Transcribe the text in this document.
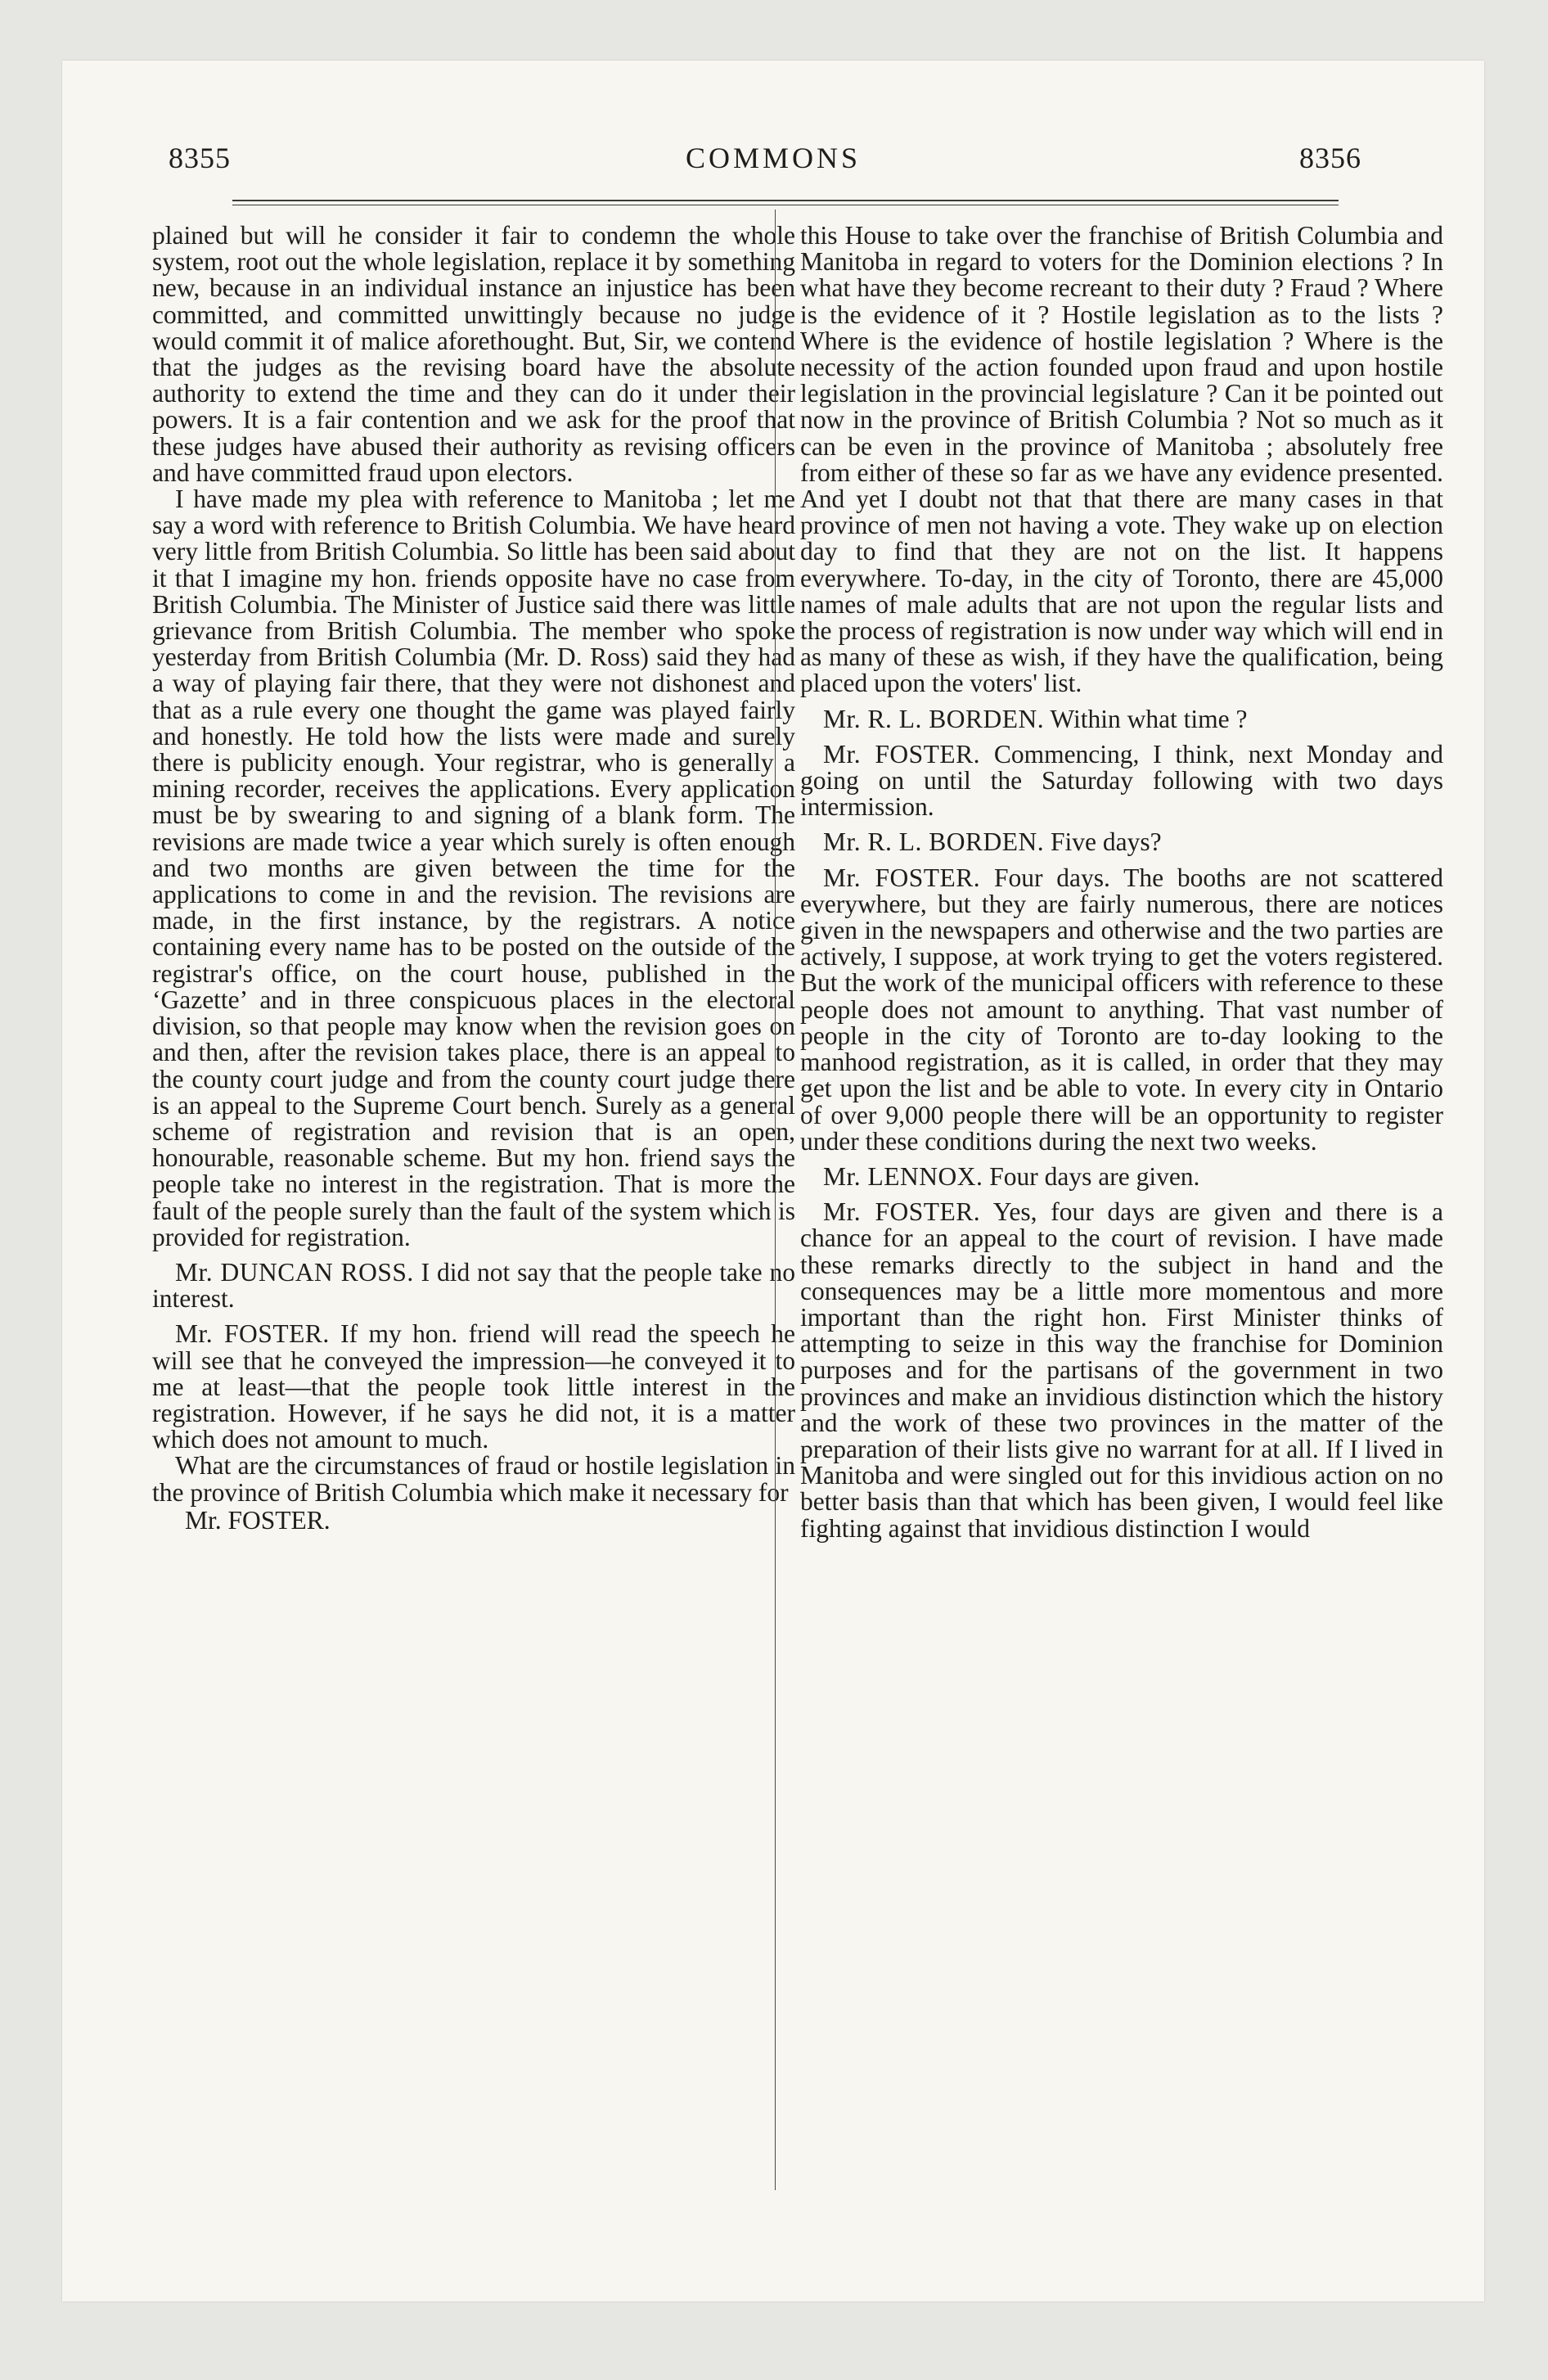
8355	COMMONS	8356

plained but will he consider it fair to condemn the whole system, root out the whole legislation, replace it by something new, because in an individual instance an injustice has been committed, and committed unwittingly because no judge would commit it of malice aforethought. But, Sir, we contend that the judges as the revising board have the absolute authority to extend the time and they can do it under their powers. It is a fair contention and we ask for the proof that these judges have abused their authority as revising officers and have committed fraud upon electors.

I have made my plea with reference to Manitoba ; let me say a word with reference to British Columbia. We have heard very little from British Columbia. So little has been said about it that I imagine my hon. friends opposite have no case from British Columbia. The Minister of Justice said there was little grievance from British Columbia. The member who spoke yesterday from British Columbia (Mr. D. Ross) said they had a way of playing fair there, that they were not dishonest and that as a rule every one thought the game was played fairly and honestly. He told how the lists were made and surely there is publicity enough. Your registrar, who is generally a mining recorder, receives the applications. Every application must be by swearing to and signing of a blank form. The revisions are made twice a year which surely is often enough and two months are given between the time for the applications to come in and the revision. The revisions are made, in the first instance, by the registrars. A notice containing every name has to be posted on the outside of the registrar's office, on the court house, published in the ‘Gazette’ and in three conspicuous places in the electoral division, so that people may know when the revision goes on and then, after the revision takes place, there is an appeal to the county court judge and from the county court judge there is an appeal to the Supreme Court bench. Surely as a general scheme of registration and revision that is an open, honourable, reasonable scheme. But my hon. friend says the people take no interest in the registration. That is more the fault of the people surely than the fault of the system which is provided for registration.

Mr. DUNCAN ROSS. I did not say that the people take no interest.

Mr. FOSTER. If my hon. friend will read the speech he will see that he conveyed the impression—he conveyed it to me at least—that the people took little interest in the registration. However, if he says he did not, it is a matter which does not amount to much.

What are the circumstances of fraud or hostile legislation in the province of British Columbia which make it necessary for

Mr. FOSTER.

this House to take over the franchise of British Columbia and Manitoba in regard to voters for the Dominion elections ? In what have they become recreant to their duty ? Fraud ? Where is the evidence of it ? Hostile legislation as to the lists ? Where is the evidence of hostile legislation ? Where is the necessity of the action founded upon fraud and upon hostile legislation in the provincial legislature ? Can it be pointed out now in the province of British Columbia ? Not so much as it can be even in the province of Manitoba ; absolutely free from either of these so far as we have any evidence presented. And yet I doubt not that that there are many cases in that province of men not having a vote. They wake up on election day to find that they are not on the list. It happens everywhere. To-day, in the city of Toronto, there are 45,000 names of male adults that are not upon the regular lists and the process of registration is now under way which will end in as many of these as wish, if they have the qualification, being placed upon the voters' list.

Mr. R. L. BORDEN. Within what time ?

Mr. FOSTER. Commencing, I think, next Monday and going on until the Saturday following with two days intermission.

Mr. R. L. BORDEN. Five days?

Mr. FOSTER. Four days. The booths are not scattered everywhere, but they are fairly numerous, there are notices given in the newspapers and otherwise and the two parties are actively, I suppose, at work trying to get the voters registered. But the work of the municipal officers with reference to these people does not amount to anything. That vast number of people in the city of Toronto are to-day looking to the manhood registration, as it is called, in order that they may get upon the list and be able to vote. In every city in Ontario of over 9,000 people there will be an opportunity to register under these conditions during the next two weeks.

Mr. LENNOX. Four days are given.

Mr. FOSTER. Yes, four days are given and there is a chance for an appeal to the court of revision. I have made these remarks directly to the subject in hand and the consequences may be a little more momentous and more important than the right hon. First Minister thinks of attempting to seize in this way the franchise for Dominion purposes and for the partisans of the government in two provinces and make an invidious distinction which the history and the work of these two provinces in the matter of the preparation of their lists give no warrant for at all. If I lived in Manitoba and were singled out for this invidious action on no better basis than that which has been given, I would feel like fighting against that invidious distinction I would
